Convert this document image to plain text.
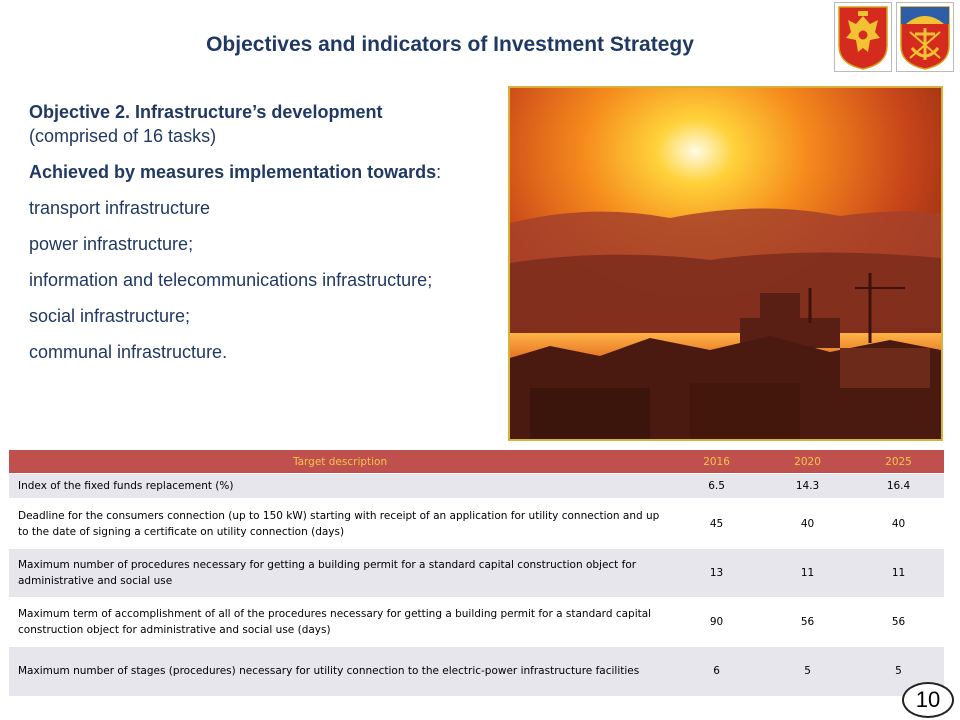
Objectives and indicators of Investment Strategy

Objective 2. Infrastructure’s development
(comprised of 16 tasks)

Achieved by measures implementation towards:

transport infrastructure

power infrastructure;

information and telecommunications infrastructure;

social infrastructure;

communal infrastructure.

Target description	2016	2020	2025
Index of the fixed funds replacement (%)	6.5	14.3	16.4
Deadline for the consumers connection (up to 150 kW) starting with receipt of an application for utility connection and up to the date of signing a certificate on utility connection (days)	45	40	40
Maximum number of procedures necessary for getting a building permit for a standard capital construction object for administrative and social use	13	11	11
Maximum term of accomplishment of all of the procedures necessary for getting a building permit for a standard capital construction object for administrative and social use (days)	90	56	56
Maximum number of stages (procedures) necessary for utility connection to the electric-power infrastructure facilities	6	5	5
10
